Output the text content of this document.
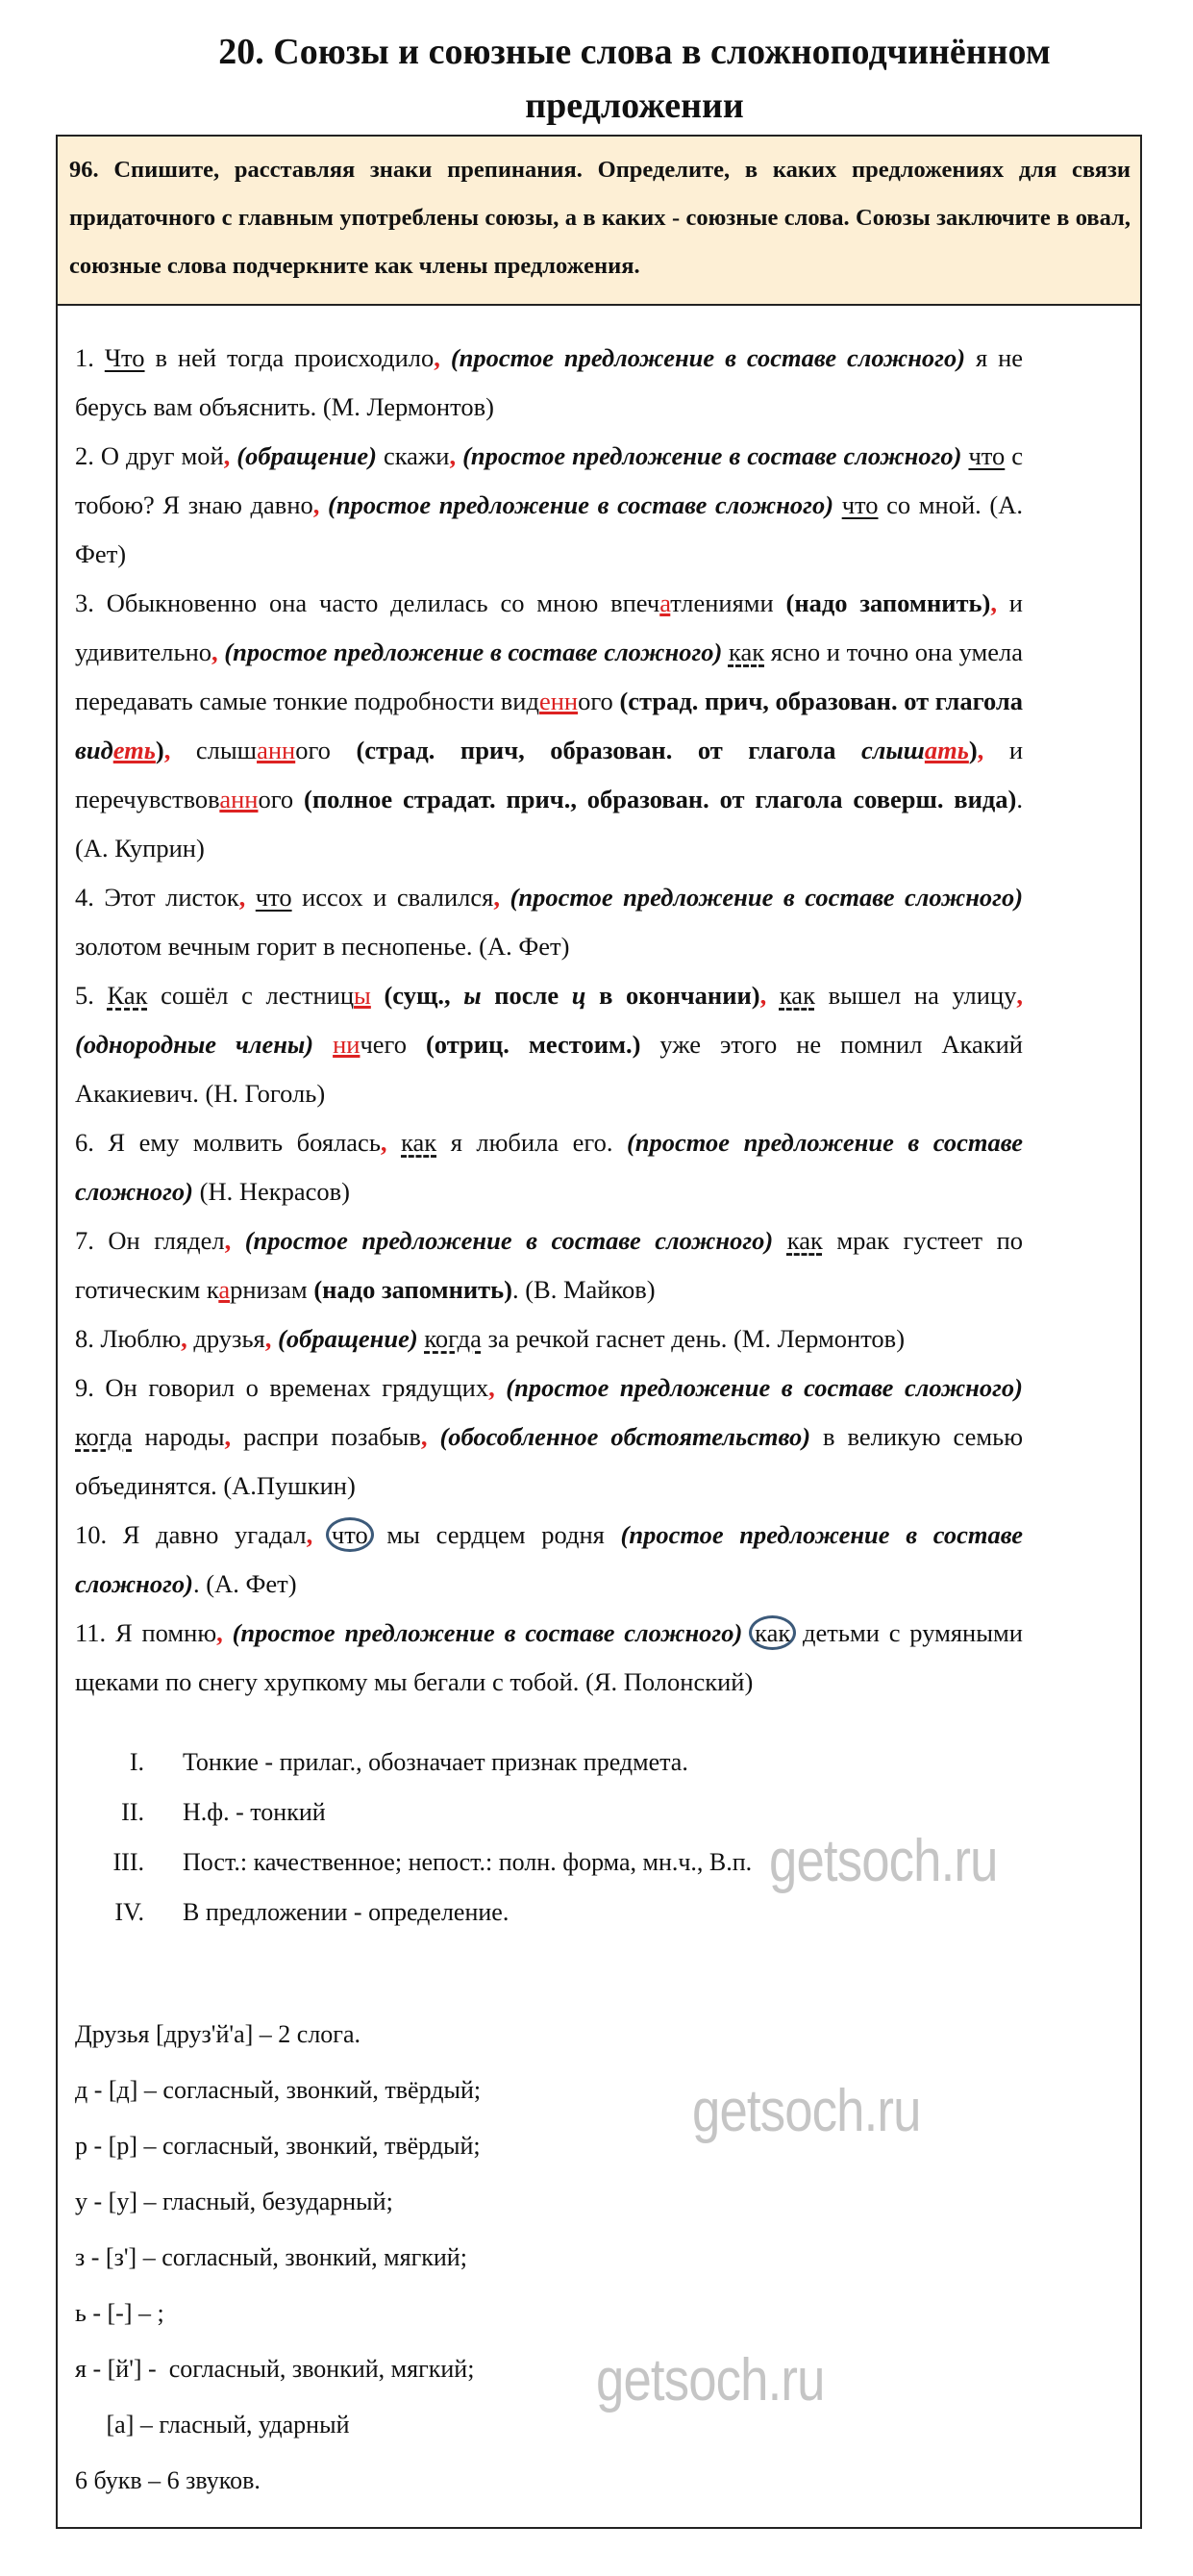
20. Союзы и союзные слова в сложноподчинённом предложении
96. Спишите, расставляя знаки препинания. Определите, в каких предложениях для связи придаточного с главным употреблены союзы, а в каких - союзные слова. Союзы заключите в овал, союзные слова подчеркните как члены предложения.

1. Что в ней тогда происходило, (простое предложение в составе сложного) я не берусь вам объяснить. (М. Лермонтов)

2. О друг мой, (обращение) скажи, (простое предложение в составе сложного) что с тобою? Я знаю давно, (простое предложение в составе сложного) что со мной. (А. Фет)

3. Обыкновенно она часто делилась со мною впечатлениями (надо запомнить), и удивительно, (простое предложение в составе сложного) как ясно и точно она умела передавать самые тонкие подробности виденного (страд. прич, образован. от глагола видеть), слышанного (страд. прич, образован. от глагола слышать), и перечувствованного (полное страдат. прич., образован. от глагола соверш. вида). (А. Куприн)

4. Этот листок, что иссох и свалился, (простое предложение в составе сложного) золотом вечным горит в песнопенье. (А. Фет)

5. Как сошёл с лестницы (сущ., ы после ц в окончании), как вышел на улицу, (однородные члены) ничего (отриц. местоим.) уже этого не помнил Акакий Акакиевич. (Н. Гоголь)

6. Я ему молвить боялась, как я любила его. (простое предложение в составе сложного) (Н. Некрасов)

7. Он глядел, (простое предложение в составе сложного) как мрак густеет по готическим карнизам (надо запомнить). (В. Майков)

8. Люблю, друзья, (обращение) когда за речкой гаснет день. (М. Лермонтов)

9. Он говорил о временах грядущих, (простое предложение в составе сложного) когда народы, распри позабыв, (обособленное обстоятельство) в великую семью объединятся. (А.Пушкин)

10. Я давно угадал, что мы сердцем родня (простое предложение в составе сложного). (А. Фет)

11. Я помню, (простое предложение в составе сложного) как детьми с румяными щеками по снегу хрупкому мы бегали с тобой. (Я. Полонский)

I.	Тонкие - прилаг., обозначает признак предмета.
II.	Н.ф. - тонкий
III.	Пост.: качественное; непост.: полн. форма, мн.ч., В.п.
IV.	В предложении - определение.
Друзья [друз'й'а] – 2 слога.
д - [д] – согласный, звонкий, твёрдый;
р - [р] – согласный, звонкий, твёрдый;
у - [у] – гласный, безударный;
з - [з'] – согласный, звонкий, мягкий;
ь - [-] – ;
я - [й'] -  согласный, звонкий, мягкий;
[а] – гласный, ударный
6 букв – 6 звуков.
getsoch.ru
getsoch.ru
getsoch.ru
